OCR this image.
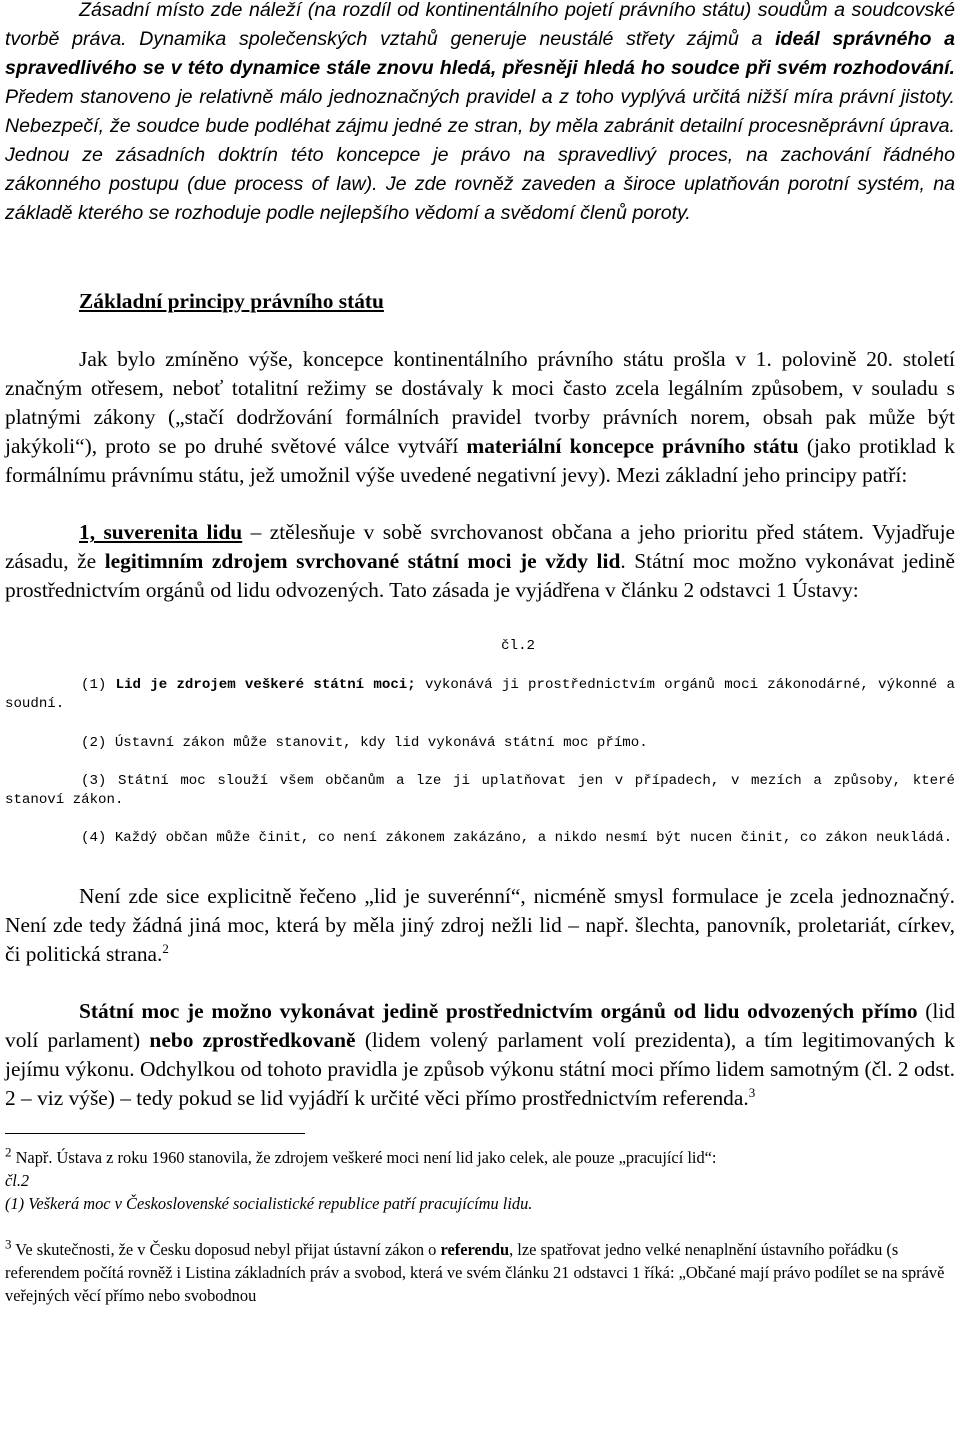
Zásadní místo zde náleží (na rozdíl od kontinentálního pojetí právního státu) soudům a soudcovské tvorbě práva. Dynamika společenských vztahů generuje neustálé střety zájmů a ideál správného a spravedlivého se v této dynamice stále znovu hledá, přesněji hledá ho soudce při svém rozhodování. Předem stanoveno je relativně málo jednoznačných pravidel a z toho vyplývá určitá nižší míra právní jistoty. Nebezpečí, že soudce bude podléhat zájmu jedné ze stran, by měla zabránit detailní procesněprávní úprava. Jednou ze zásadních doktrín této koncepce je právo na spravedlivý proces, na zachování řádného zákonného postupu (due process of law). Je zde rovněž zaveden a široce uplatňován porotní systém, na základě kterého se rozhoduje podle nejlepšího vědomí a svědomí členů poroty.

Základní principy právního státu

Jak bylo zmíněno výše, koncepce kontinentálního právního státu prošla v 1. polovině 20. století značným otřesem, neboť totalitní režimy se dostávaly k moci často zcela legálním způsobem, v souladu s platnými zákony („stačí dodržování formálních pravidel tvorby právních norem, obsah pak může být jakýkoli“), proto se po druhé světové válce vytváří materiální koncepce právního státu (jako protiklad k formálnímu právnímu státu, jež umožnil výše uvedené negativní jevy). Mezi základní jeho principy patří:

1, suverenita lidu – ztělesňuje v sobě svrchovanost občana a jeho prioritu před státem. Vyjadřuje zásadu, že legitimním zdrojem svrchované státní moci je vždy lid. Státní moc možno vykonávat jedině prostřednictvím orgánů od lidu odvozených. Tato zásada je vyjádřena v článku 2 odstavci 1 Ústavy:

čl.2

(1) Lid je zdrojem veškeré státní moci; vykonává ji prostřednictvím orgánů moci zákonodárné, výkonné a soudní.

(2) Ústavní zákon může stanovit, kdy lid vykonává státní moc přímo.

(3) Státní moc slouží všem občanům a lze ji uplatňovat jen v případech, v mezích a způsoby, které stanoví zákon.

(4) Každý občan může činit, co není zákonem zakázáno, a nikdo nesmí být nucen činit, co zákon neukládá.

Není zde sice explicitně řečeno „lid je suverénní“, nicméně smysl formulace je zcela jednoznačný. Není zde tedy žádná jiná moc, která by měla jiný zdroj nežli lid – např. šlechta, panovník, proletariát, církev, či politická strana.$^2$

Státní moc je možno vykonávat jedině prostřednictvím orgánů od lidu odvozených přímo (lid volí parlament) nebo zprostředkovaně (lidem volený parlament volí prezidenta), a tím legitimovaných k jejímu výkonu. Odchylkou od tohoto pravidla je způsob výkonu státní moci přímo lidem samotným (čl. 2 odst. 2 – viz výše) – tedy pokud se lid vyjádří k určité věci přímo prostřednictvím referenda.$^3$

$^2$ Např. Ústava z roku 1960 stanovila, že zdrojem veškeré moci není lid jako celek, ale pouze „pracující lid“:
čl.2
(1) Veškerá moc v Československé socialistické republice patří pracujícímu lidu.
$^3$ Ve skutečnosti, že v Česku doposud nebyl přijat ústavní zákon o referendu, lze spatřovat jedno velké nenaplnění ústavního pořádku (s referendem počítá rovněž i Listina základních práv a svobod, která ve svém článku 21 odstavci 1 říká: „Občané mají právo podílet se na správě veřejných věcí přímo nebo svobodnou
